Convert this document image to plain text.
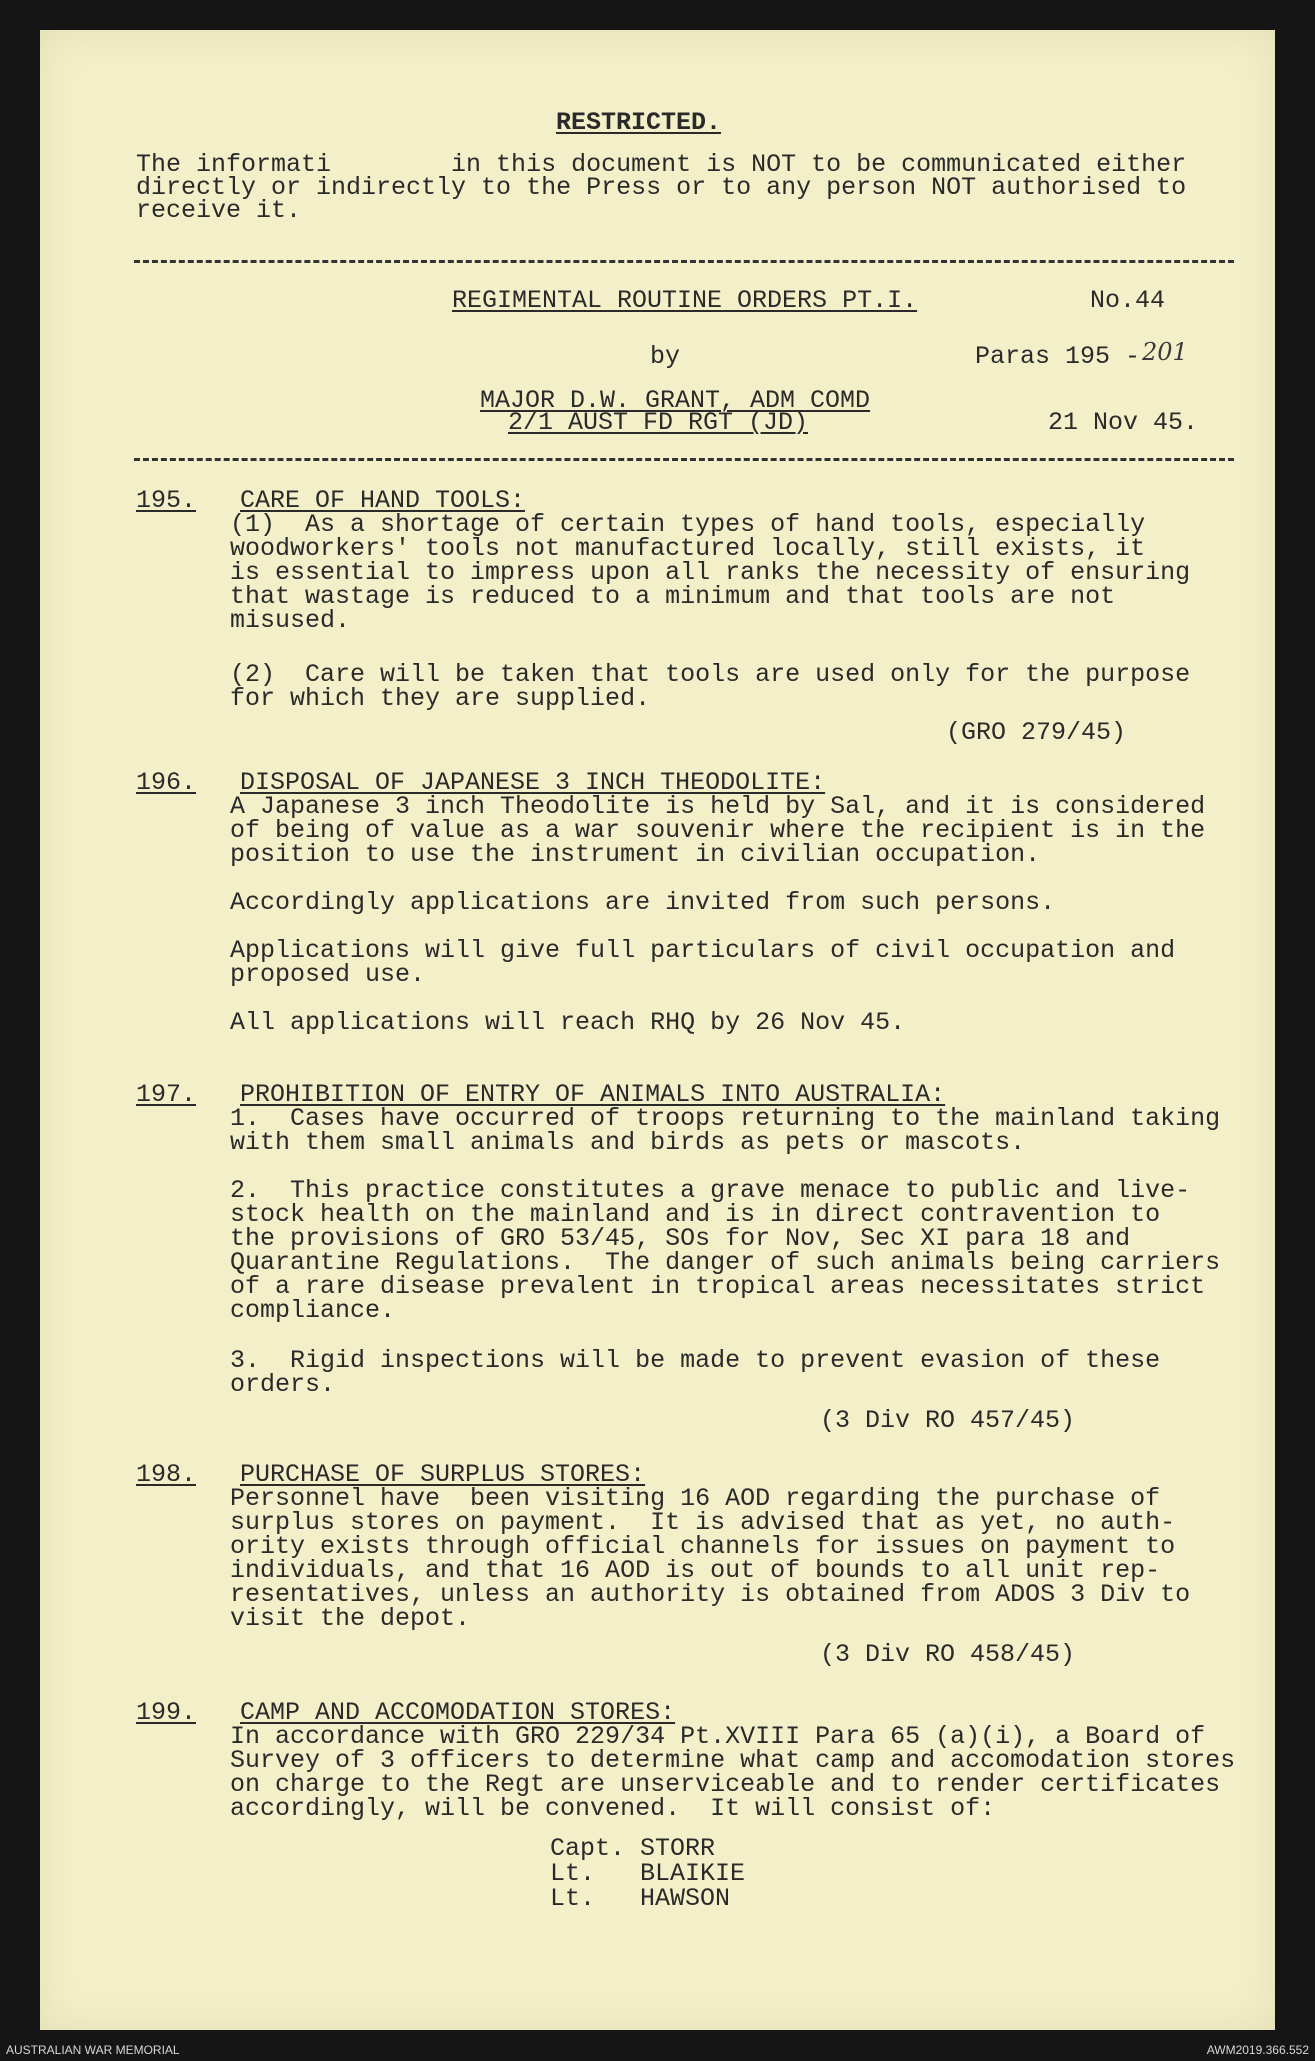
RESTRICTED.
The informati        in this document is NOT to be communicated either
directly or indirectly to the Press or to any person NOT authorised to
receive it.
REGIMENTAL ROUTINE ORDERS PT.I.	No.44
by	Paras 195 - 201
MAJOR D.W. GRANT, ADM COMD
2/1 AUST FD RGT (JD)	21 Nov 45.
195. CARE OF HAND TOOLS:
(1)  As a shortage of certain types of hand tools, especially
woodworkers' tools not manufactured locally, still exists, it
is essential to impress upon all ranks the necessity of ensuring
that wastage is reduced to a minimum and that tools are not
misused.
(2)  Care will be taken that tools are used only for the purpose
for which they are supplied.
(GRO 279/45)
196. DISPOSAL OF JAPANESE 3 INCH THEODOLITE:
A Japanese 3 inch Theodolite is held by Sal, and it is considered
of being of value as a war souvenir where the recipient is in the
position to use the instrument in civilian occupation.
Accordingly applications are invited from such persons.
Applications will give full particulars of civil occupation and
proposed use.
All applications will reach RHQ by 26 Nov 45.
197. PROHIBITION OF ENTRY OF ANIMALS INTO AUSTRALIA:
1.  Cases have occurred of troops returning to the mainland taking
with them small animals and birds as pets or mascots.
2.  This practice constitutes a grave menace to public and live-
stock health on the mainland and is in direct contravention to
the provisions of GRO 53/45, SOs for Nov, Sec XI para 18 and
Quarantine Regulations.  The danger of such animals being carriers
of a rare disease prevalent in tropical areas necessitates strict
compliance.
3.  Rigid inspections will be made to prevent evasion of these
orders.
(3 Div RO 457/45)
198. PURCHASE OF SURPLUS STORES:
Personnel have  been visiting 16 AOD regarding the purchase of
surplus stores on payment.  It is advised that as yet, no auth-
ority exists through official channels for issues on payment to
individuals, and that 16 AOD is out of bounds to all unit rep-
resentatives, unless an authority is obtained from ADOS 3 Div to
visit the depot.
(3 Div RO 458/45)
199. CAMP AND ACCOMODATION STORES:
In accordance with GRO 229/34 Pt.XVIII Para 65 (a)(i), a Board of
Survey of 3 officers to determine what camp and accomodation stores
on charge to the Regt are unserviceable and to render certificates
accordingly, will be convened.  It will consist of:
Capt. STORR
Lt.   BLAIKIE
Lt.   HAWSON
AUSTRALIAN WAR MEMORIAL	AWM2019.366.552
